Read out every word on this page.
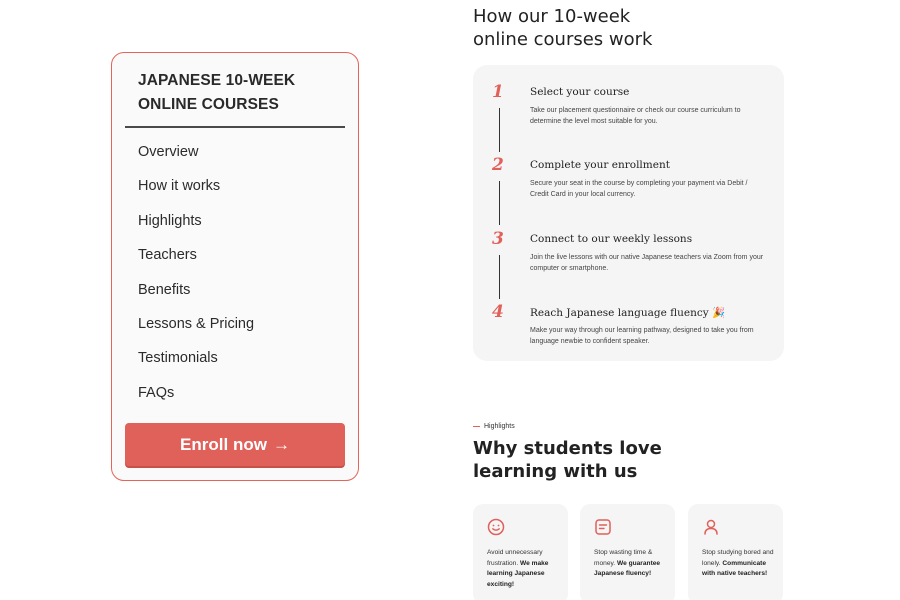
JAPANESE 10-WEEK
ONLINE COURSES
Overview
How it works
Highlights
Teachers
Benefits
Lessons & Pricing
Testimonials
FAQs
Enroll now →
How our 10-week
online courses work
1 Select your course
Take our placement questionnaire or check our course curriculum to determine the level most suitable for you.
2 Complete your enrollment
Secure your seat in the course by completing your payment via Debit / Credit Card in your local currency.
3 Connect to our weekly lessons
Join the live lessons with our native Japanese teachers via Zoom from your computer or smartphone.
4 Reach Japanese language fluency 🎉
Make your way through our learning pathway, designed to take you from language newbie to confident speaker.
Highlights
Why students love
learning with us
Avoid unnecessary frustration. We make learning Japanese exciting!
Stop wasting time & money. We guarantee Japanese fluency!
Stop studying bored and lonely. Communicate with native teachers!
